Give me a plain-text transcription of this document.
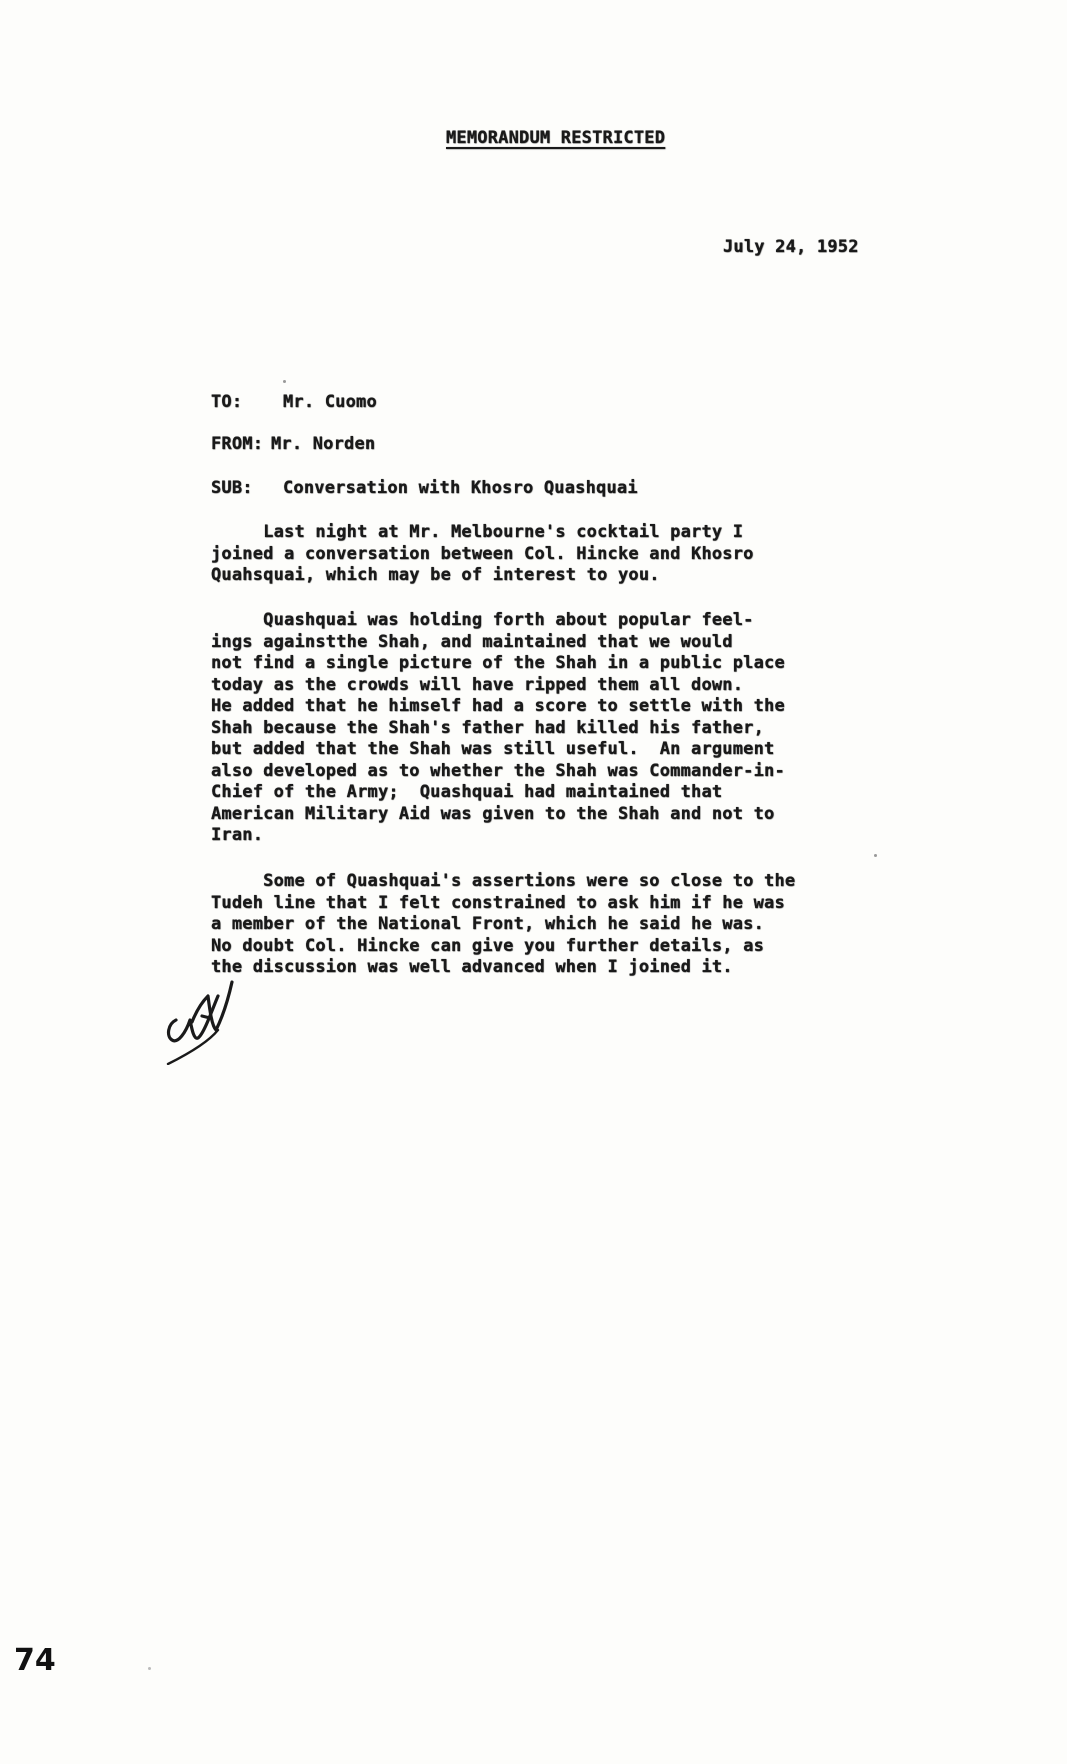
MEMORANDUM RESTRICTED
July 24, 1952
TO: Mr. Cuomo
FROM: Mr. Norden
SUB: Conversation with Khosro Quashquai

Last night at Mr. Melbourne's cocktail party I
joined a conversation between Col. Hincke and Khosro
Quahsquai, which may be of interest to you.

Quashquai was holding forth about popular feel-
ings againstthe Shah, and maintained that we would
not find a single picture of the Shah in a public place
today as the crowds will have ripped them all down.
He added that he himself had a score to settle with the
Shah because the Shah's father had killed his father,
but added that the Shah was still useful.  An argument
also developed as to whether the Shah was Commander-in-
Chief of the Army;  Quashquai had maintained that
American Military Aid was given to the Shah and not to
Iran.

Some of Quashquai's assertions were so close to the
Tudeh line that I felt constrained to ask him if he was
a member of the National Front, which he said he was.
No doubt Col. Hincke can give you further details, as
the discussion was well advanced when I joined it.

74
